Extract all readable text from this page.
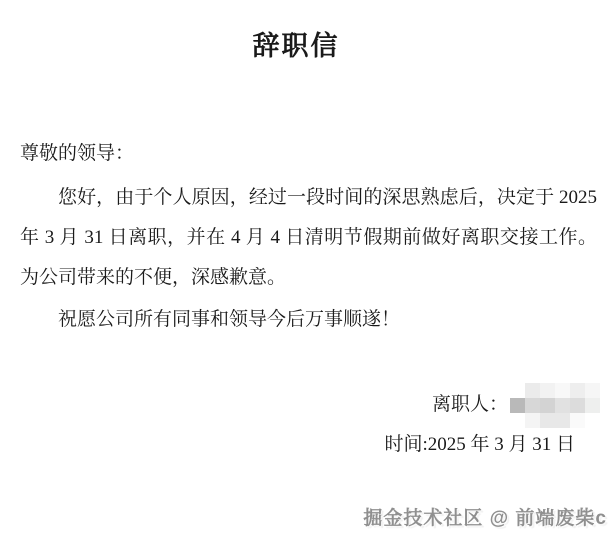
辞职信
尊敬的领导：
您好，由于个人原因，经过一段时间的深思熟虑后，决定于 2025
年 3 月 31 日离职，并在 4 月 4 日清明节假期前做好离职交接工作。
为公司带来的不便，深感歉意。
祝愿公司所有同事和领导今后万事顺遂！
离职人：
时间:2025 年 3 月 31 日
掘金技术社区 @ 前端废柴c
